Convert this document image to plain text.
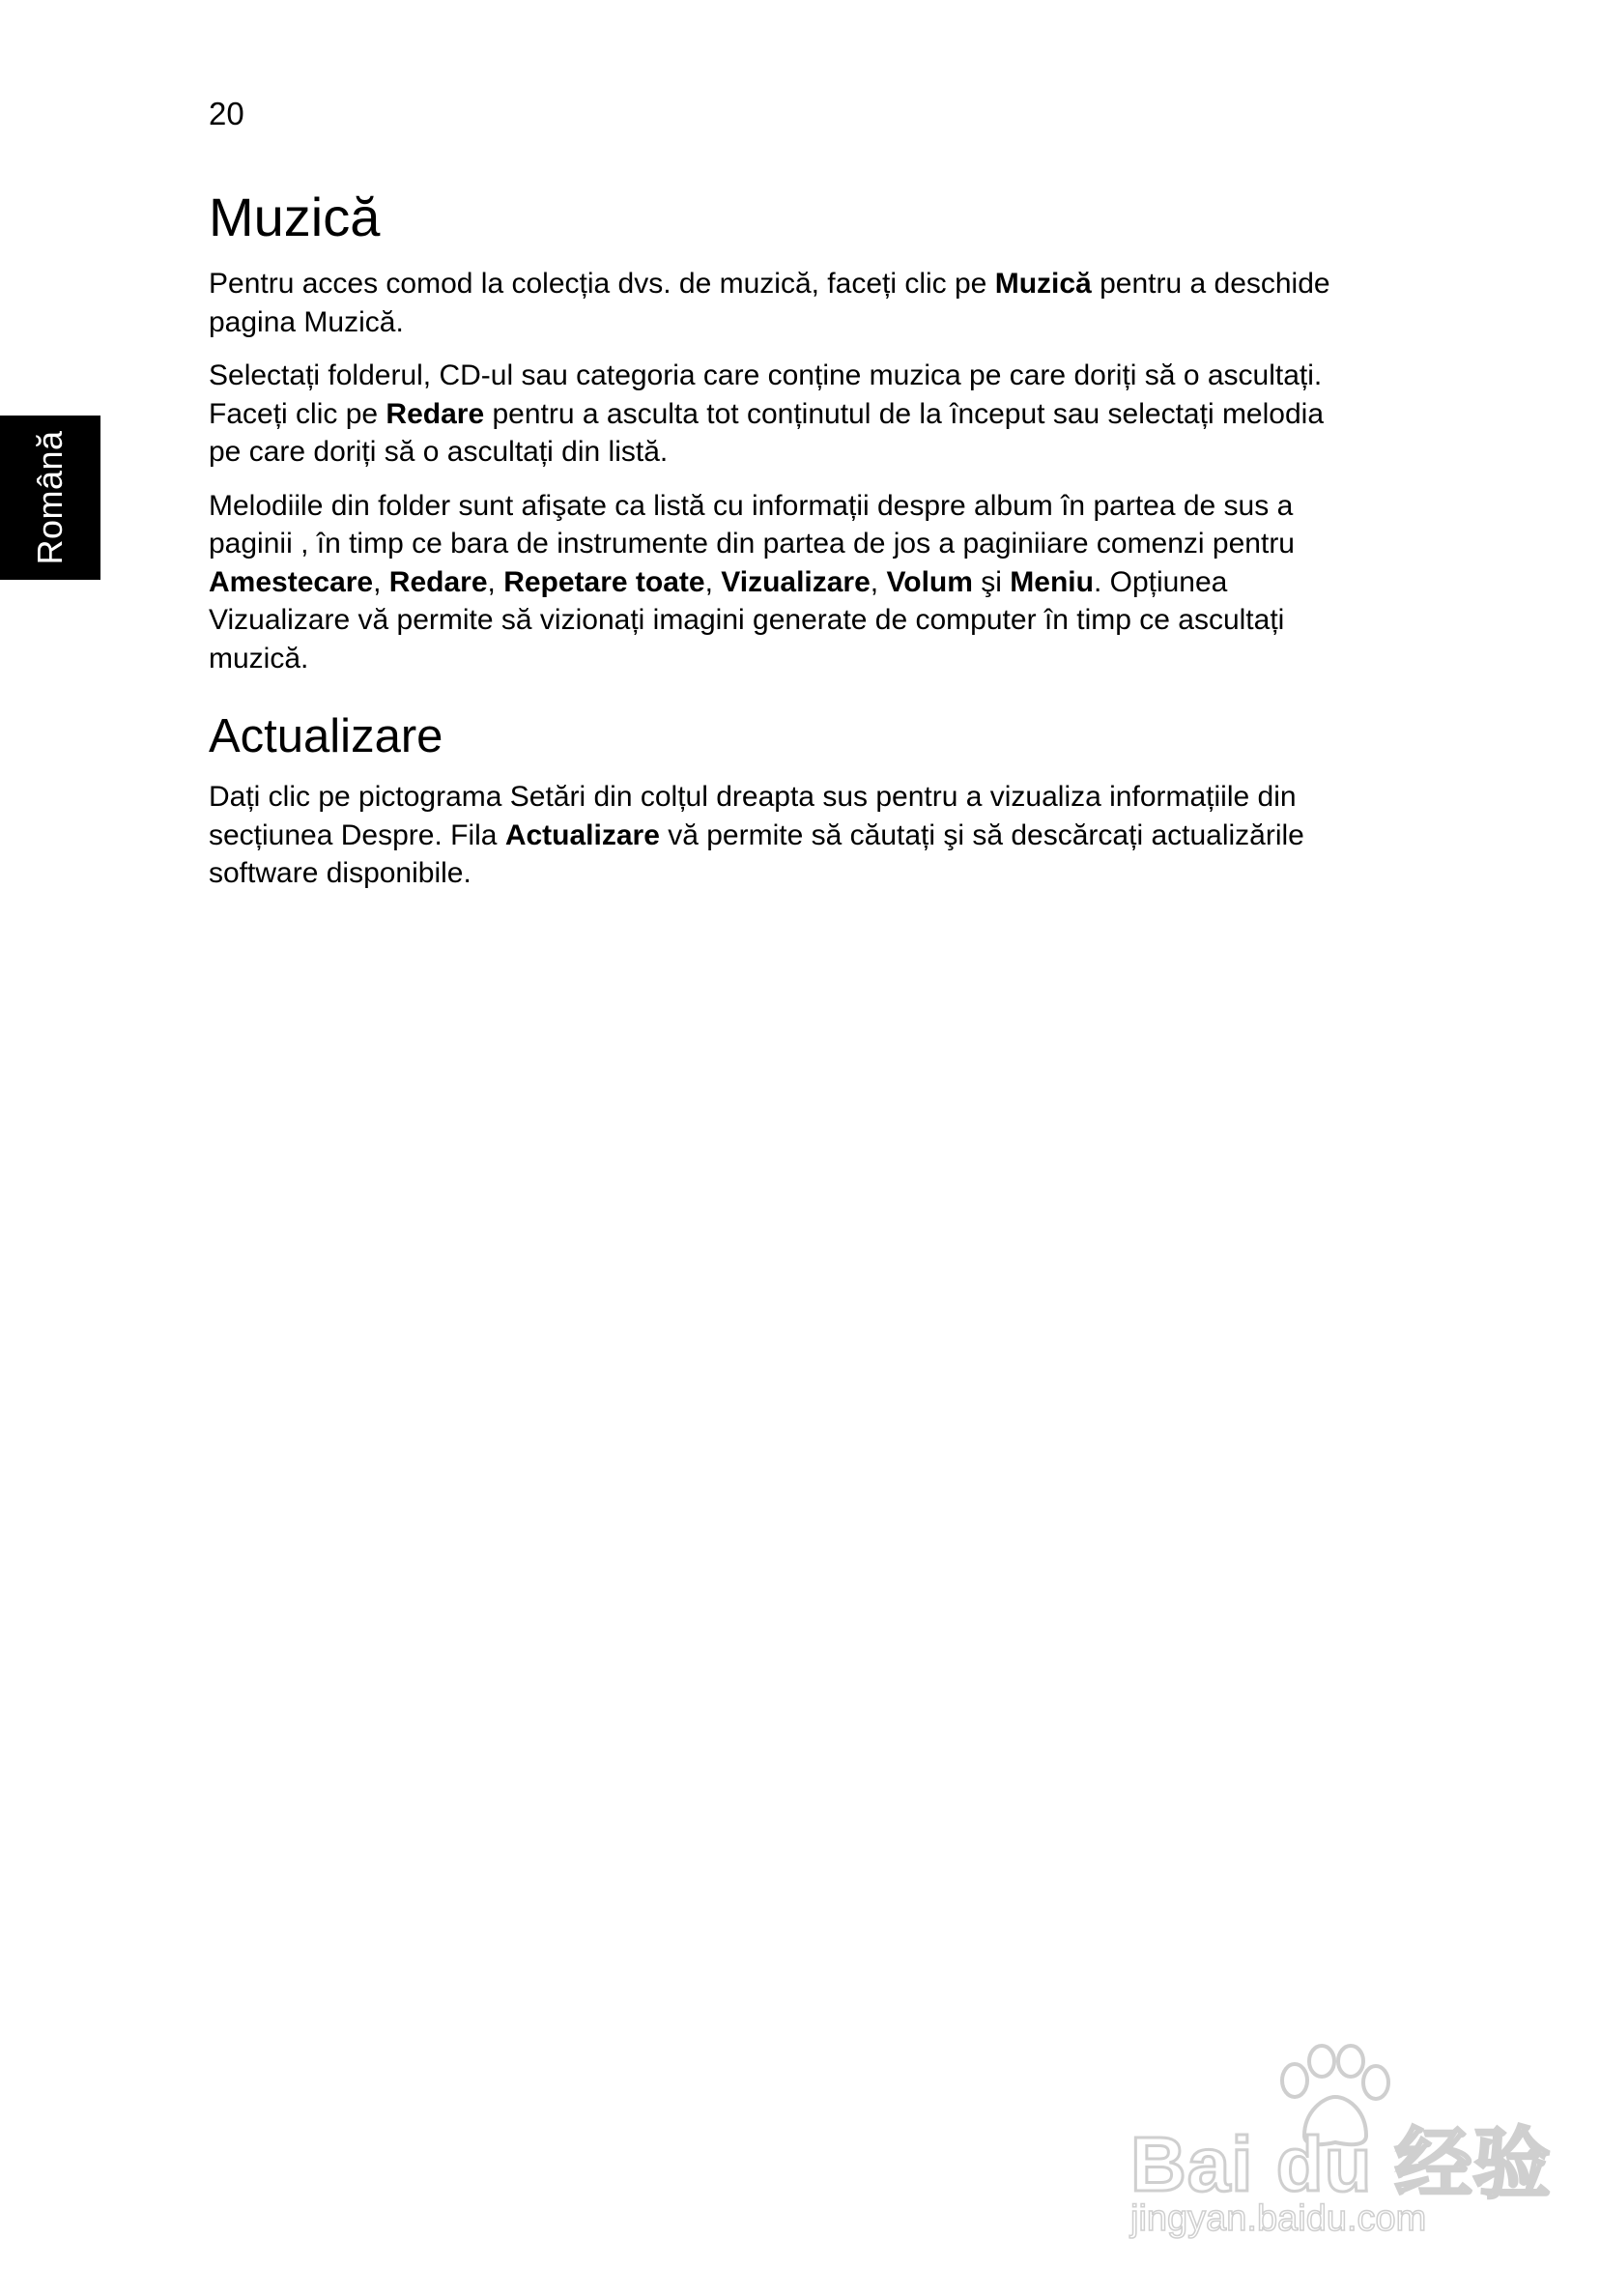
20
Română
Muzică

Pentru acces comod la colecția dvs. de muzică, faceți clic pe Muzică pentru a deschide pagina Muzică.

Selectați folderul, CD-ul sau categoria care conține muzica pe care doriți să o ascultați. Faceți clic pe Redare pentru a asculta tot conținutul de la început sau selectați melodia pe care doriți să o ascultați din listă.

Melodiile din folder sunt afişate ca listă cu informații despre album în partea de sus a paginii , în timp ce bara de instrumente din partea de jos a paginiiare comenzi pentru Amestecare, Redare, Repetare toate, Vizualizare, Volum şi Meniu. Opțiunea Vizualizare vă permite să vizionați imagini generate de computer în timp ce ascultați muzică.

Actualizare

Dați clic pe pictograma Setări din colțul dreapta sus pentru a vizualiza informațiile din secțiunea Despre. Fila Actualizare vă permite să căutați şi să descărcați actualizările software disponibile.

Bai du 经验
jingyan.baidu.com
